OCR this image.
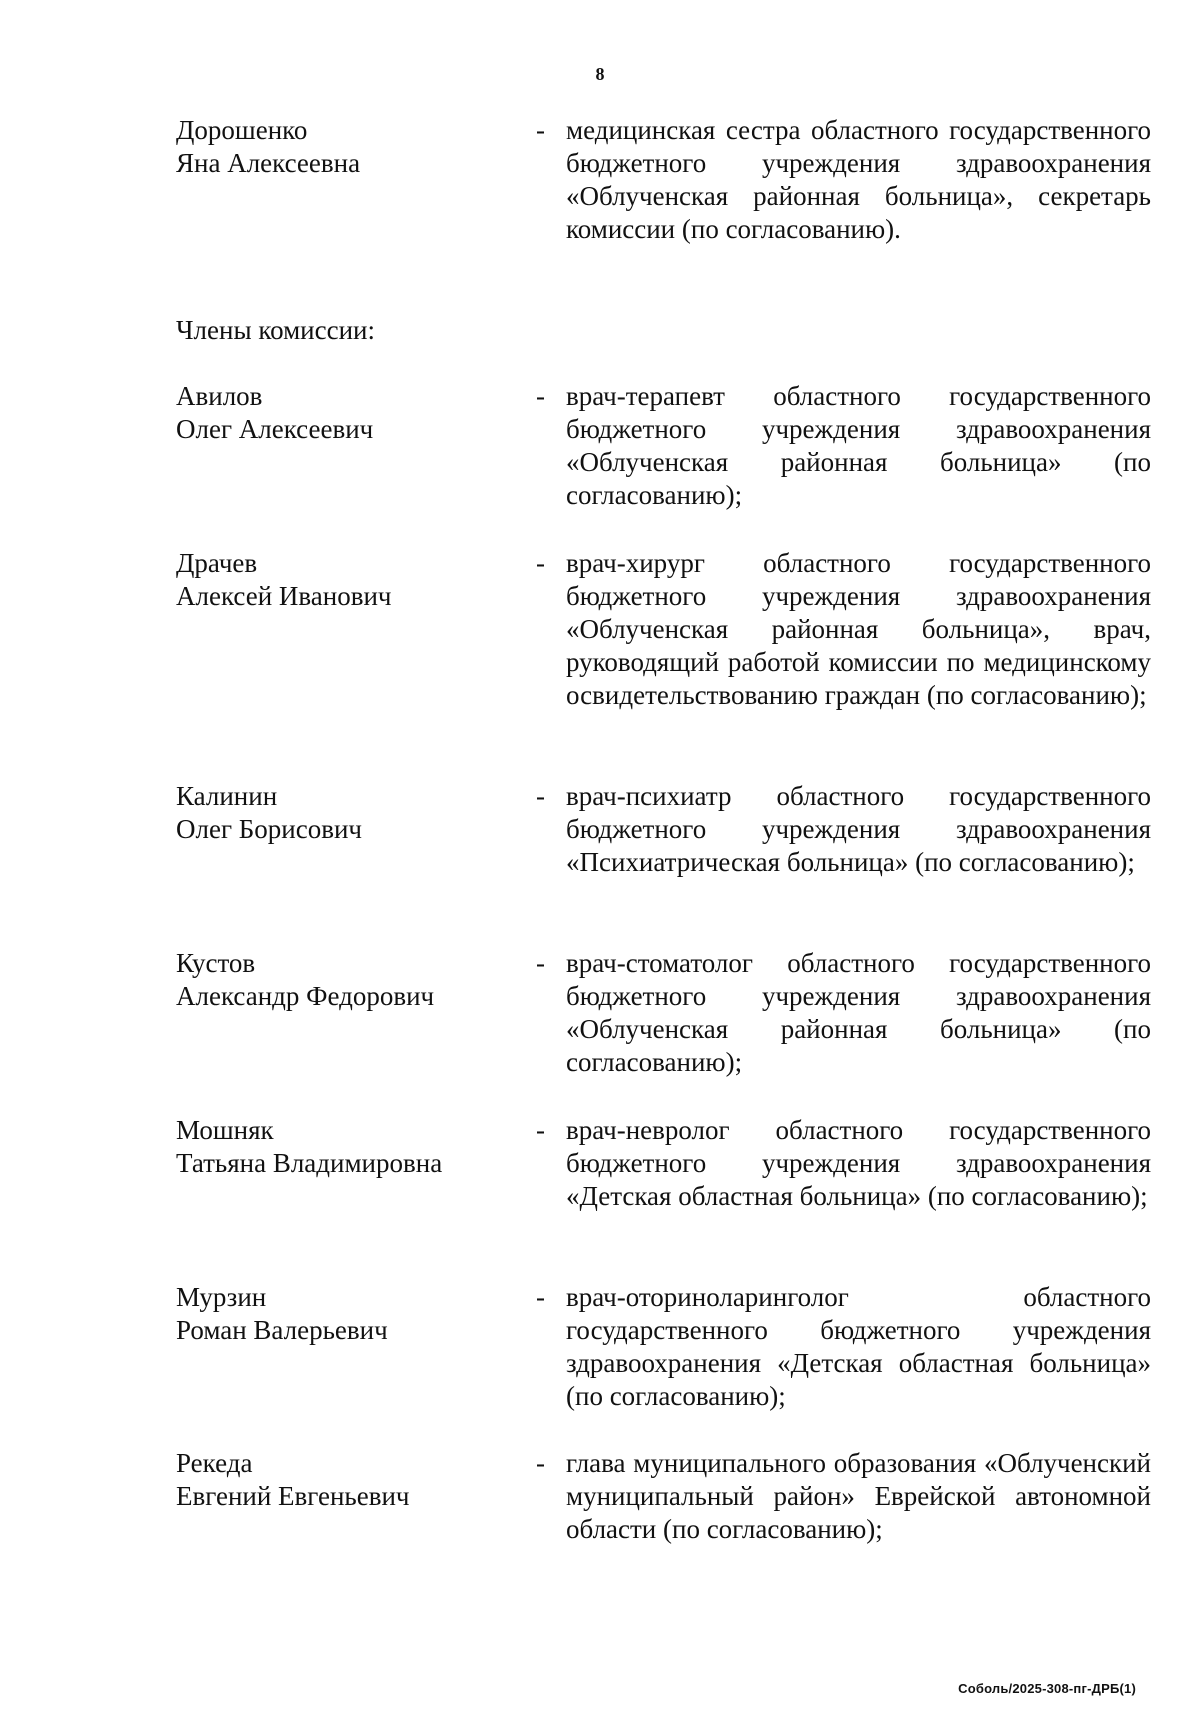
8
Дорошенко
Яна Алексеевна
- медицинская сестра областного государственного бюджетного учреждения здравоохранения «Облученская районная больница», секретарь комиссии (по согласованию).
Члены комиссии:
Авилов
Олег Алексеевич
- врач-терапевт областного государственного бюджетного учреждения здравоохранения «Облученская районная больница» (по согласованию);
Драчев
Алексей Иванович
- врач-хирург областного государственного бюджетного учреждения здравоохранения «Облученская районная больница», врач, руководящий работой комиссии по медицинскому освидетельствованию граждан (по согласованию);
Калинин
Олег Борисович
- врач-психиатр областного государственного бюджетного учреждения здравоохранения «Психиатрическая больница» (по согласованию);
Кустов
Александр Федорович
- врач-стоматолог областного государственного бюджетного учреждения здравоохранения «Облученская районная больница» (по согласованию);
Мошняк
Татьяна Владимировна
- врач-невролог областного государственного бюджетного учреждения здравоохранения «Детская областная больница» (по согласованию);
Мурзин
Роман Валерьевич
- врач-оториноларинголог областного государственного бюджетного учреждения здравоохранения «Детская областная больница» (по согласованию);
Рекеда
Евгений Евгеньевич
- глава муниципального образования «Облученский муниципальный район» Еврейской автономной области (по согласованию);
Соболь/2025-308-пг-ДРБ(1)
